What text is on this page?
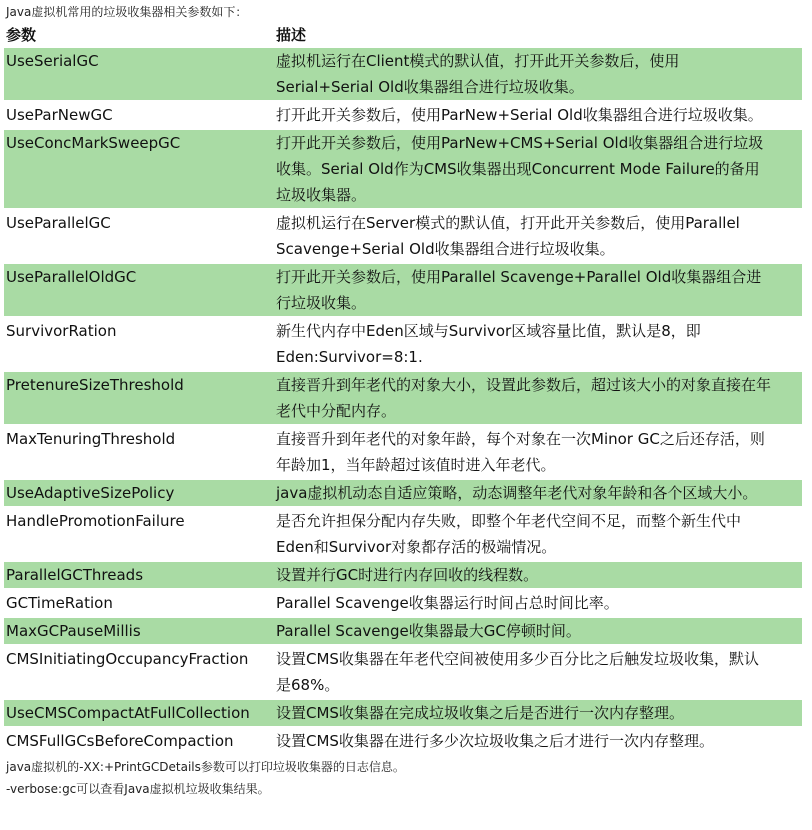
Java虚拟机常用的垃圾收集器相关参数如下：
参数	描述
UseSerialGC	虚拟机运行在Client模式的默认值，打开此开关参数后，使用Serial+Serial Old收集器组合进行垃圾收集。
UseParNewGC	打开此开关参数后，使用ParNew+Serial Old收集器组合进行垃圾收集。
UseConcMarkSweepGC	打开此开关参数后，使用ParNew+CMS+Serial Old收集器组合进行垃圾收集。Serial Old作为CMS收集器出现Concurrent Mode Failure的备用垃圾收集器。
UseParallelGC	虚拟机运行在Server模式的默认值，打开此开关参数后，使用Parallel Scavenge+Serial Old收集器组合进行垃圾收集。
UseParallelOldGC	打开此开关参数后，使用Parallel Scavenge+Parallel Old收集器组合进行垃圾收集。
SurvivorRation	新生代内存中Eden区域与Survivor区域容量比值，默认是8，即Eden:Survivor=8:1.
PretenureSizeThreshold	直接晋升到年老代的对象大小，设置此参数后，超过该大小的对象直接在年老代中分配内存。
MaxTenuringThreshold	直接晋升到年老代的对象年龄，每个对象在一次Minor GC之后还存活，则年龄加1，当年龄超过该值时进入年老代。
UseAdaptiveSizePolicy	java虚拟机动态自适应策略，动态调整年老代对象年龄和各个区域大小。
HandlePromotionFailure	是否允许担保分配内存失败，即整个年老代空间不足，而整个新生代中Eden和Survivor对象都存活的极端情况。
ParallelGCThreads	设置并行GC时进行内存回收的线程数。
GCTimeRation	Parallel Scavenge收集器运行时间占总时间比率。
MaxGCPauseMillis	Parallel Scavenge收集器最大GC停顿时间。
CMSInitiatingOccupancyFraction	设置CMS收集器在年老代空间被使用多少百分比之后触发垃圾收集，默认是68%。
UseCMSCompactAtFullCollection	设置CMS收集器在完成垃圾收集之后是否进行一次内存整理。
CMSFullGCsBeforeCompaction	设置CMS收集器在进行多少次垃圾收集之后才进行一次内存整理。
java虚拟机的-XX:+PrintGCDetails参数可以打印垃圾收集器的日志信息。
-verbose:gc可以查看Java虚拟机垃圾收集结果。
